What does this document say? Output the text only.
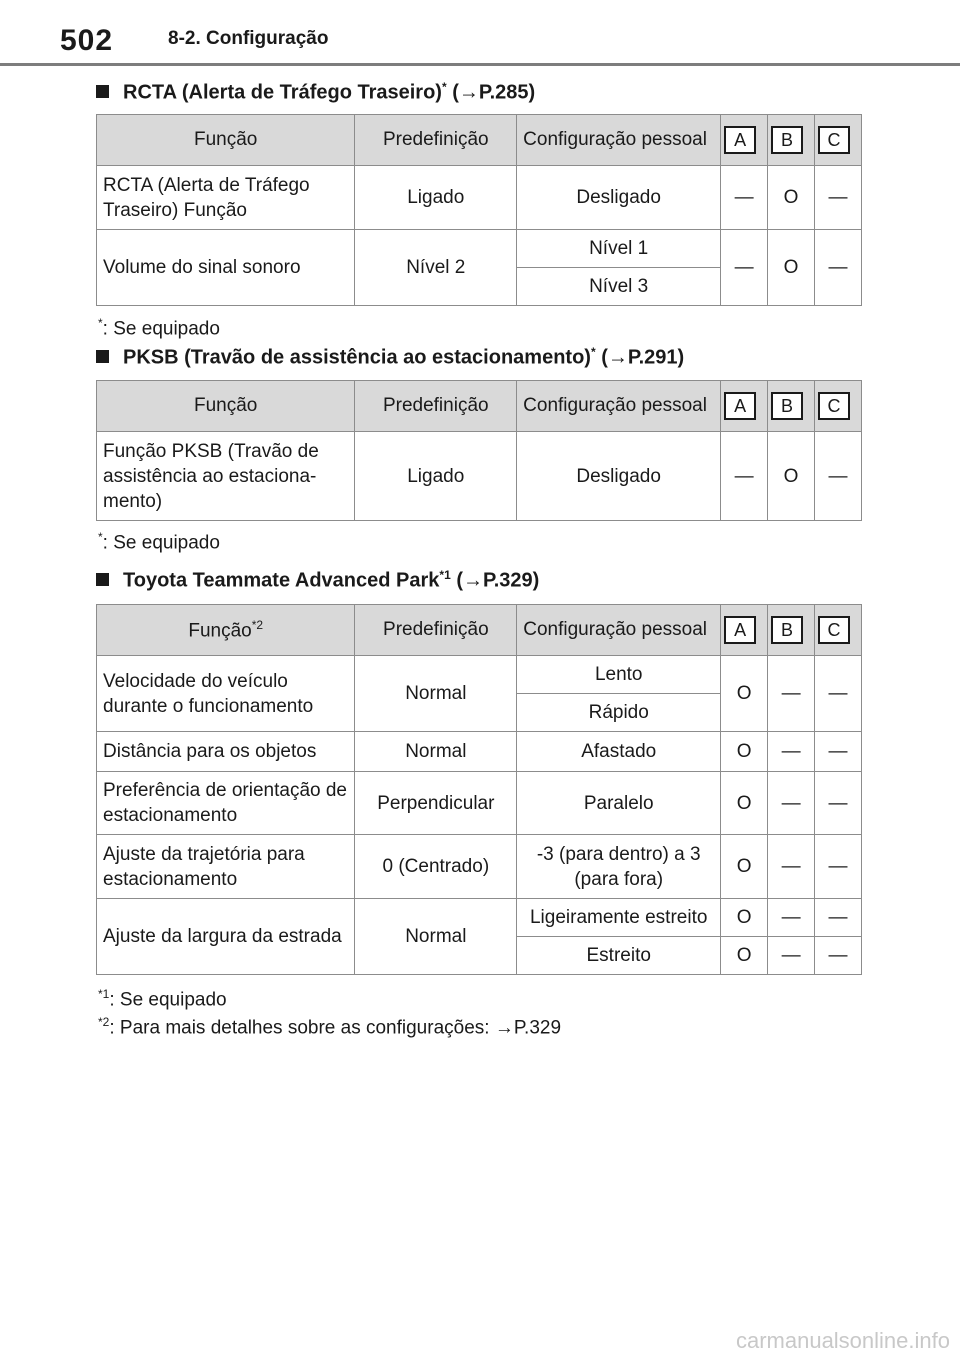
502	8-2. Configuração
RCTA (Alerta de Tráfego Traseiro)* (→P.285)
Função	Predefinição	Configuração pessoal	A	B	C
RCTA (Alerta de Tráfego Traseiro) Função	Ligado	Desligado	—	O	—
Volume do sinal sonoro	Nível 2	Nível 1	—	O	—
		Nível 3			
*: Se equipado
PKSB (Travão de assistência ao estacionamento)* (→P.291)
Função	Predefinição	Configuração pessoal	A	B	C
Função PKSB (Travão de assistência ao estaciona-mento)	Ligado	Desligado	—	O	—
*: Se equipado
Toyota Teammate Advanced Park$^{*1}$ (→P.329)
Função$^{*2}$	Predefinição	Configuração pessoal	A	B	C
Velocidade do veículo durante o funcionamento	Normal	Lento	O	—	—
		Rápido			
Distância para os objetos	Normal	Afastado	O	—	—
Preferência de orientação de estacionamento	Perpendicular	Paralelo	O	—	—
Ajuste da trajetória para estacionamento	0 (Centrado)	-3 (para dentro) a 3 (para fora)	O	—	—
Ajuste da largura da estrada	Normal	Ligeiramente estreito	O	—	—
		Estreito	O	—	—
$^{*1}$: Se equipado
$^{*2}$: Para mais detalhes sobre as configurações: →P.329
carmanualsonline.info
